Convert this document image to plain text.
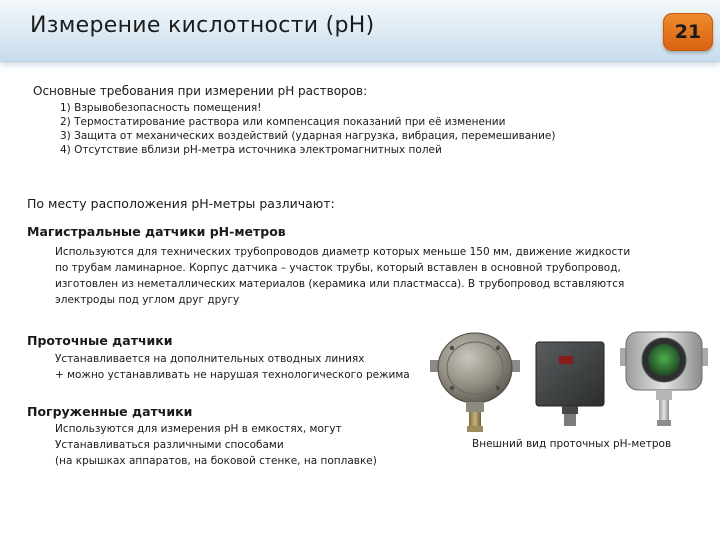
Измерение кислотности (рН)	21
Основные требования при измерении рН растворов:
1) Взрывобезопасность помещения!
2) Термостатирование раствора или компенсация показаний при её изменении
3) Защита от механических воздействий (ударная нагрузка, вибрация, перемешивание)
4) Отсутствие вблизи рН-метра источника электромагнитных полей
По месту расположения рН-метры различают:
Магистральные датчики рН-метров
Используются для технических трубопроводов диаметр которых меньше 150 мм, движение жидкости
по трубам ламинарное. Корпус датчика – участок трубы, который вставлен в основной трубопровод,
изготовлен из неметаллических материалов (керамика или пластмасса). В трубопровод вставляются
электроды под углом друг другу
Проточные датчики
Устанавливается на дополнительных отводных линиях
+ можно устанавливать не нарушая технологического режима
Погруженные датчики
Используются для измерения рН в емкостях, могут
Устанавливаться различными способами
(на крышках аппаратов, на боковой стенке, на поплавке)
Внешний вид проточных рН-метров
